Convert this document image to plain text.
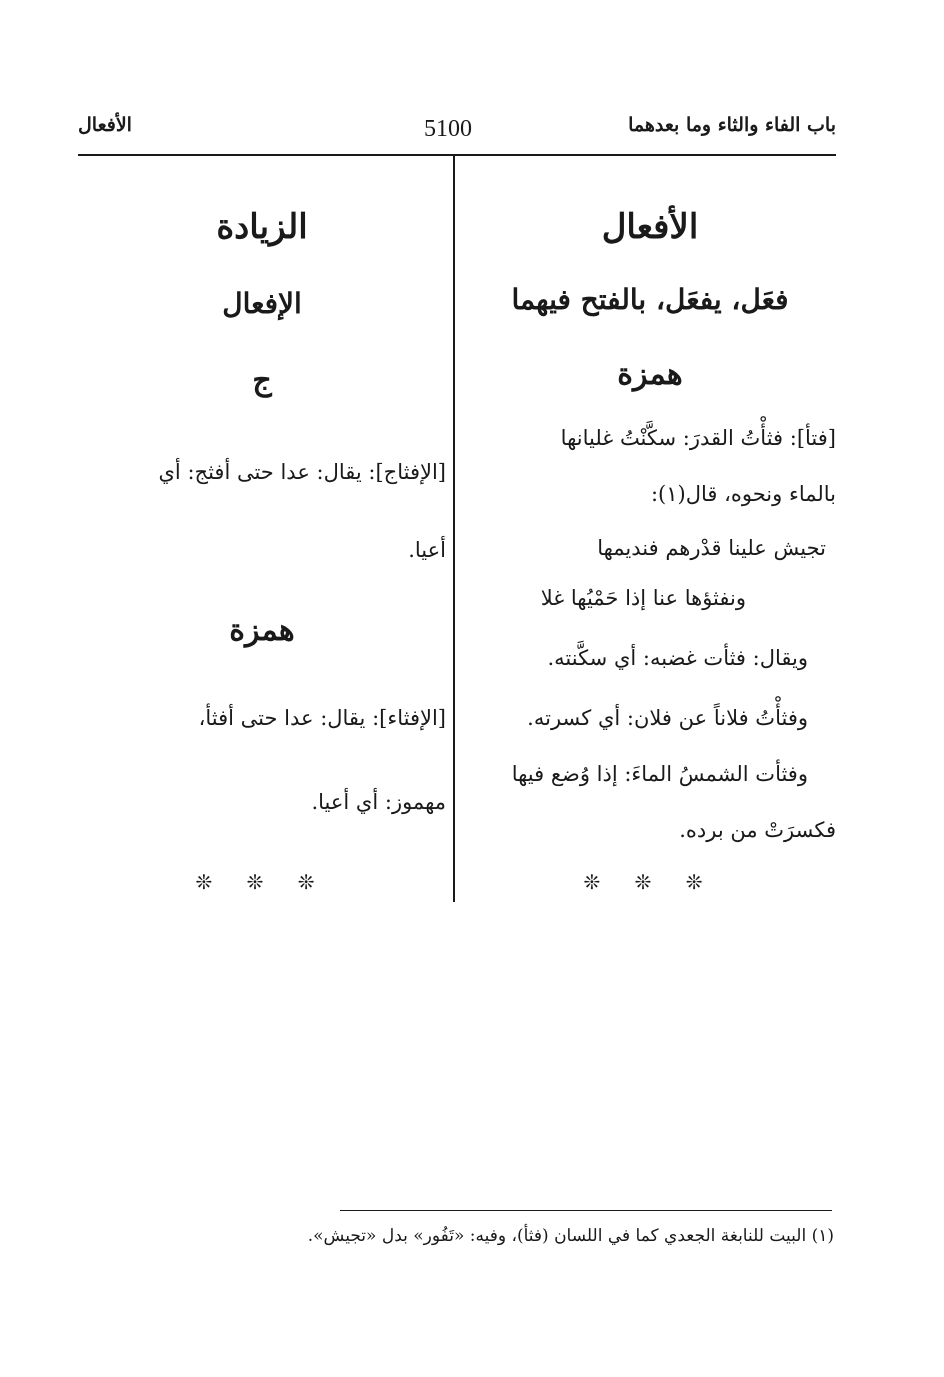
باب الفاء والثاء وما بعدهما
5100
الأفعال
الأفعال
فعَل، يفعَل، بالفتح فيهما
همزة

[فتأ]: فثأْتُ القدرَ: سكَّنْتُ غليانها

بالماء ونحوه، قال(١):

تجيش علينا قدْرهم فنديمها

ونفثؤها عنا إذا حَمْيُها غلا

ويقال: فثأت غضبه: أي سكَّنته.

وفثأْتُ فلاناً عن فلان: أي كسرته.

وفثأت الشمسُ الماءَ: إذا وُضع فيها

فكسرَتْ من برده.

❊ ❊ ❊

الزيادة
الإفعال
ج

[الإفثاج]: يقال: عدا حتى أفثج: أي

أعيا.

همزة

[الإفثاء]: يقال: عدا حتى أفثأ،

مهموز: أي أعيا.

❊ ❊ ❊

(١) البيت للنابغة الجعدي كما في اللسان (فثأ)، وفيه: «تَفُور» بدل «تجيش».
